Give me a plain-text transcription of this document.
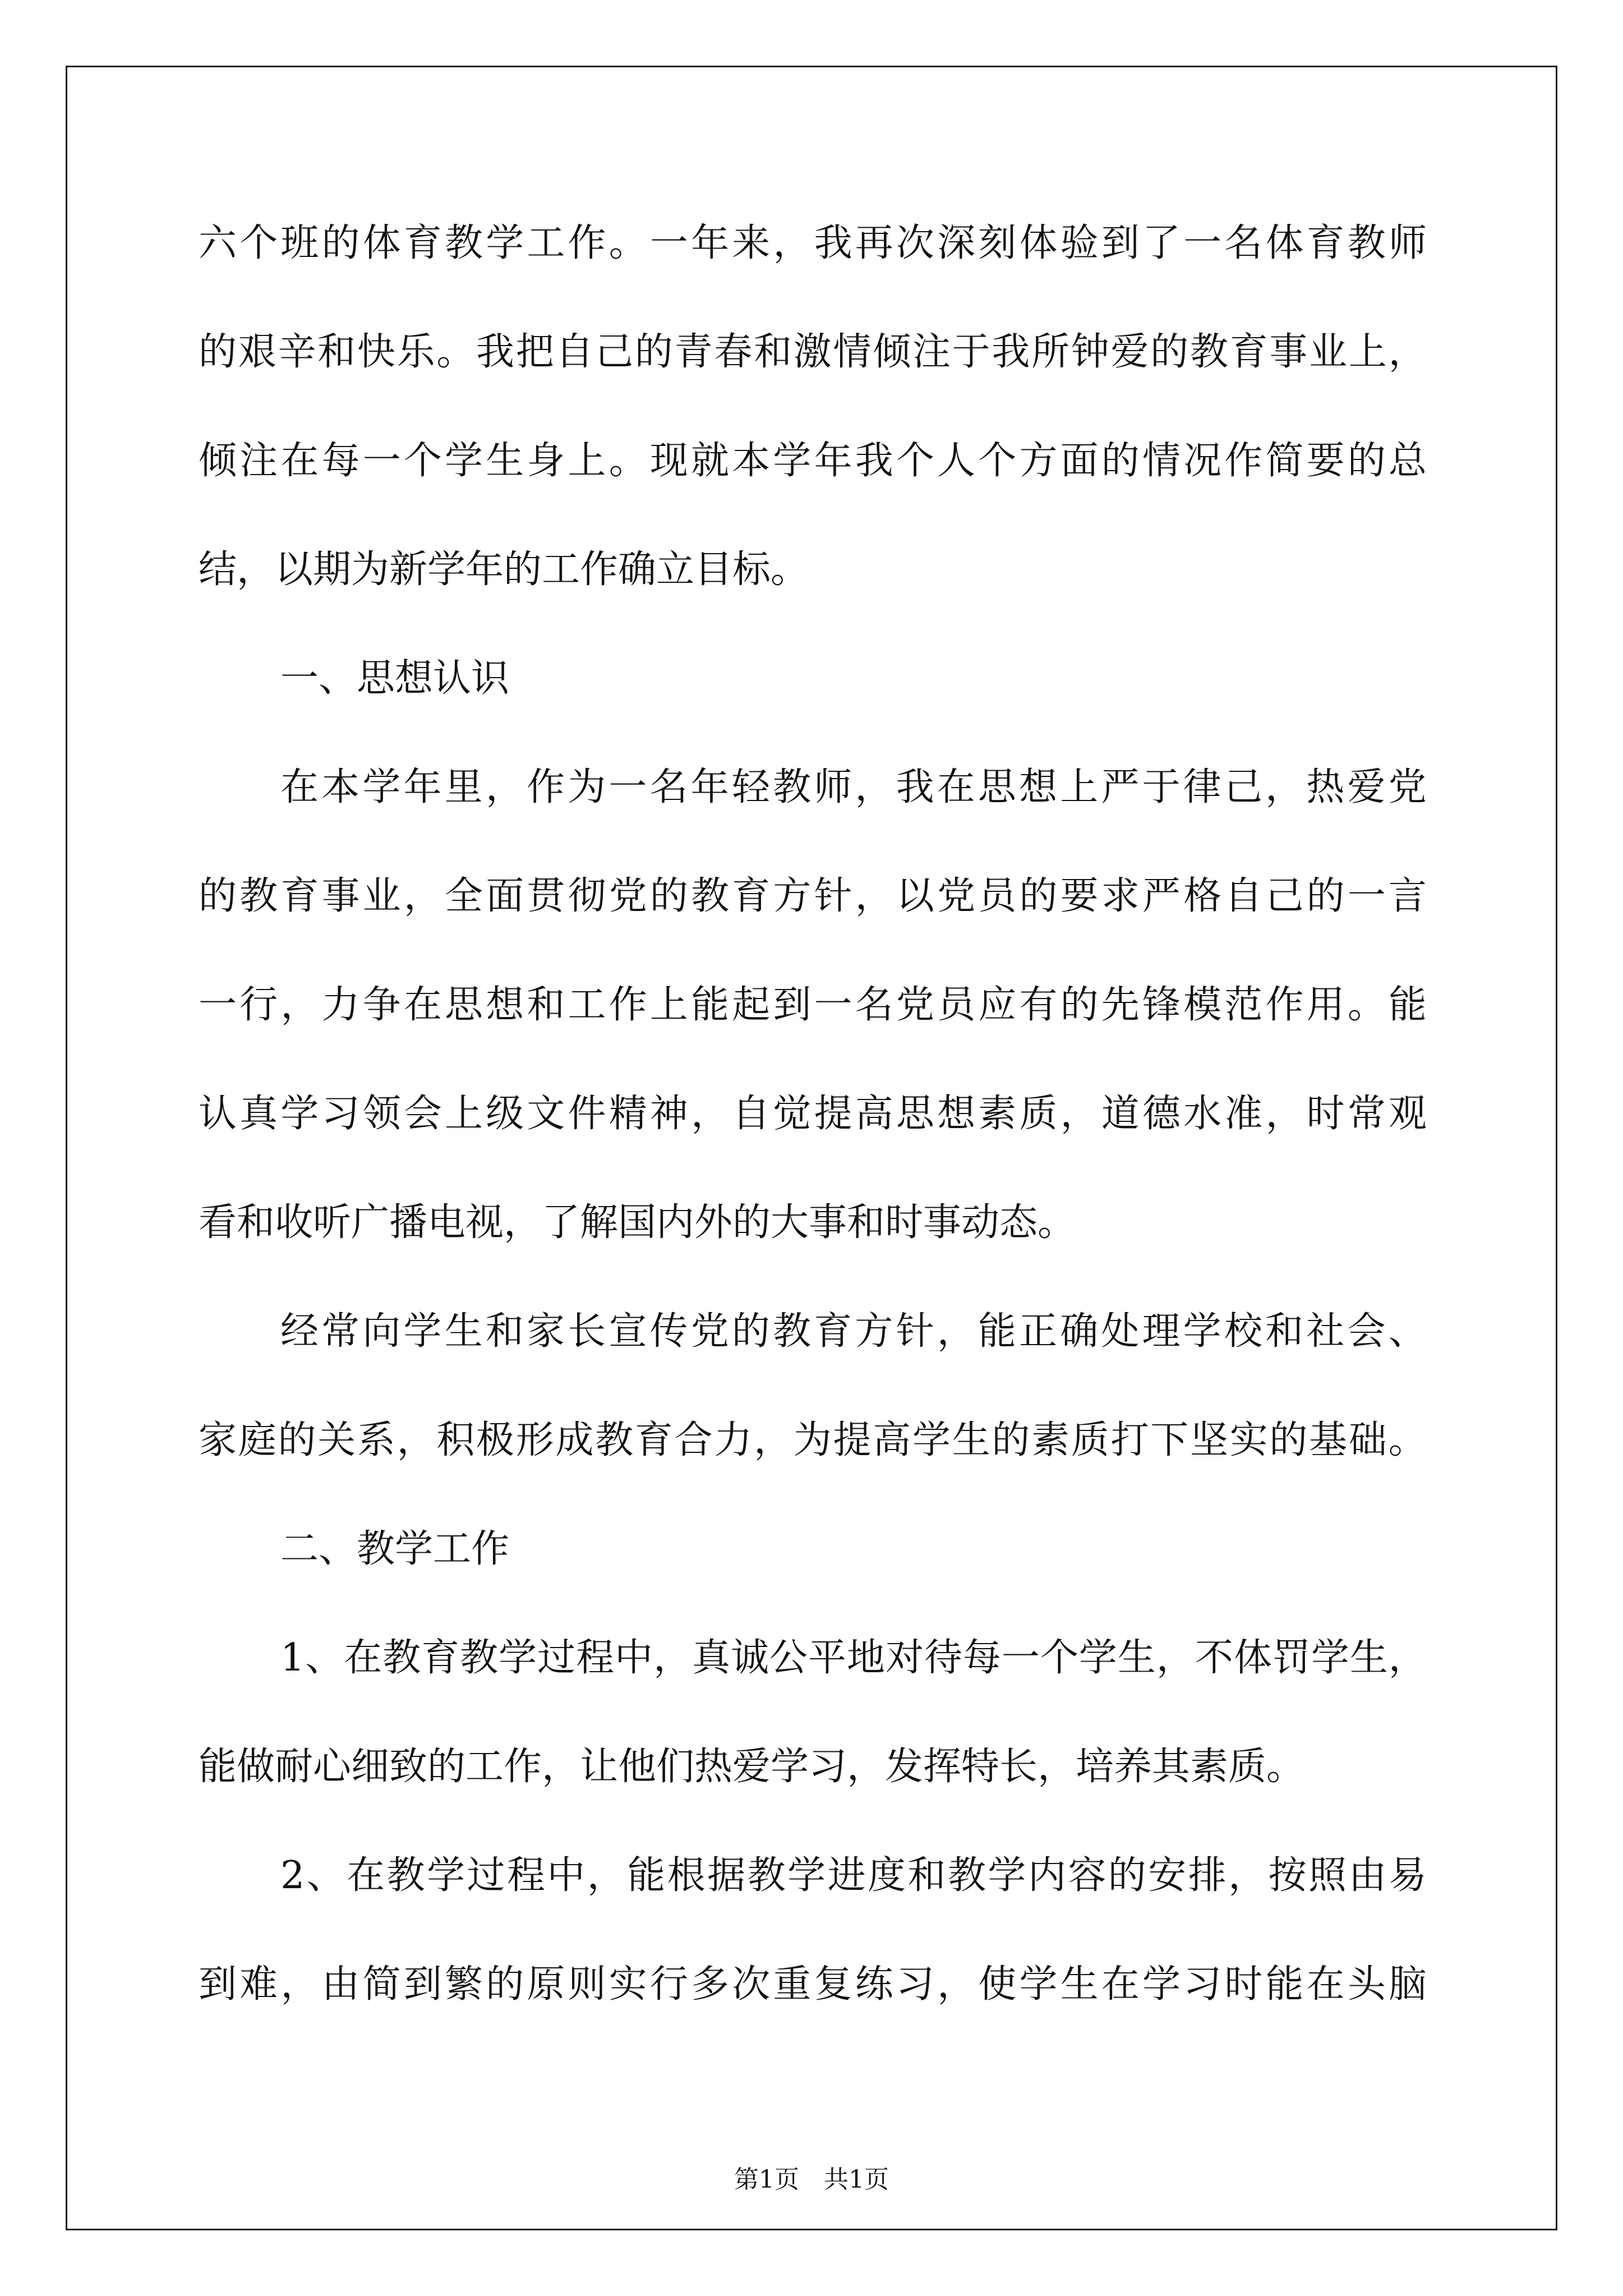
六 个 班 的 体 育 教 学 工 作 。 一 年 来 ， 我 再 次 深 刻 体 验 到 了 一 名 体 育 教 师
的 艰 辛 和 快 乐 。 我 把 自 己 的 青 春 和 激 情 倾 注 于 我 所 钟 爱 的 教 育 事 业 上 ，
倾 注 在 每 一 个 学 生 身 上 。 现 就 本 学 年 我 个 人 个 方 面 的 情 况 作 简 要 的 总
结，以期为新学年的工作确立目标。
一、思想认识
在 本 学 年 里 ， 作 为 一 名 年 轻 教 师 ， 我 在 思 想 上 严 于 律 己 ， 热 爱 党
的 教 育 事 业 ， 全 面 贯 彻 党 的 教 育 方 针 ， 以 党 员 的 要 求 严 格 自 己 的 一 言
一 行 ， 力 争 在 思 想 和 工 作 上 能 起 到 一 名 党 员 应 有 的 先 锋 模 范 作 用 。 能
认 真 学 习 领 会 上 级 文 件 精 神 ， 自 觉 提 高 思 想 素 质 ， 道 德 水 准 ， 时 常 观
看和收听广播电视，了解国内外的大事和时事动态。
经 常 向 学 生 和 家 长 宣 传 党 的 教 育 方 针 ， 能 正 确 处 理 学 校 和 社 会 、
家 庭 的 关 系 ， 积 极 形 成 教 育 合 力 ， 为 提 高 学 生 的 素 质 打 下 坚 实 的 基 础 。
二、教学工作
1 、 在 教 育 教 学 过 程 中 ， 真 诚 公 平 地 对 待 每 一 个 学 生 ， 不 体 罚 学 生 ，
能做耐心细致的工作，让他们热爱学习，发挥特长，培养其素质。
2 、 在 教 学 过 程 中 ， 能 根 据 教 学 进 度 和 教 学 内 容 的 安 排 ， 按 照 由 易
到 难 ， 由 简 到 繁 的 原 则 实 行 多 次 重 复 练 习 ， 使 学 生 在 学 习 时 能 在 头 脑
第1页　共1页
